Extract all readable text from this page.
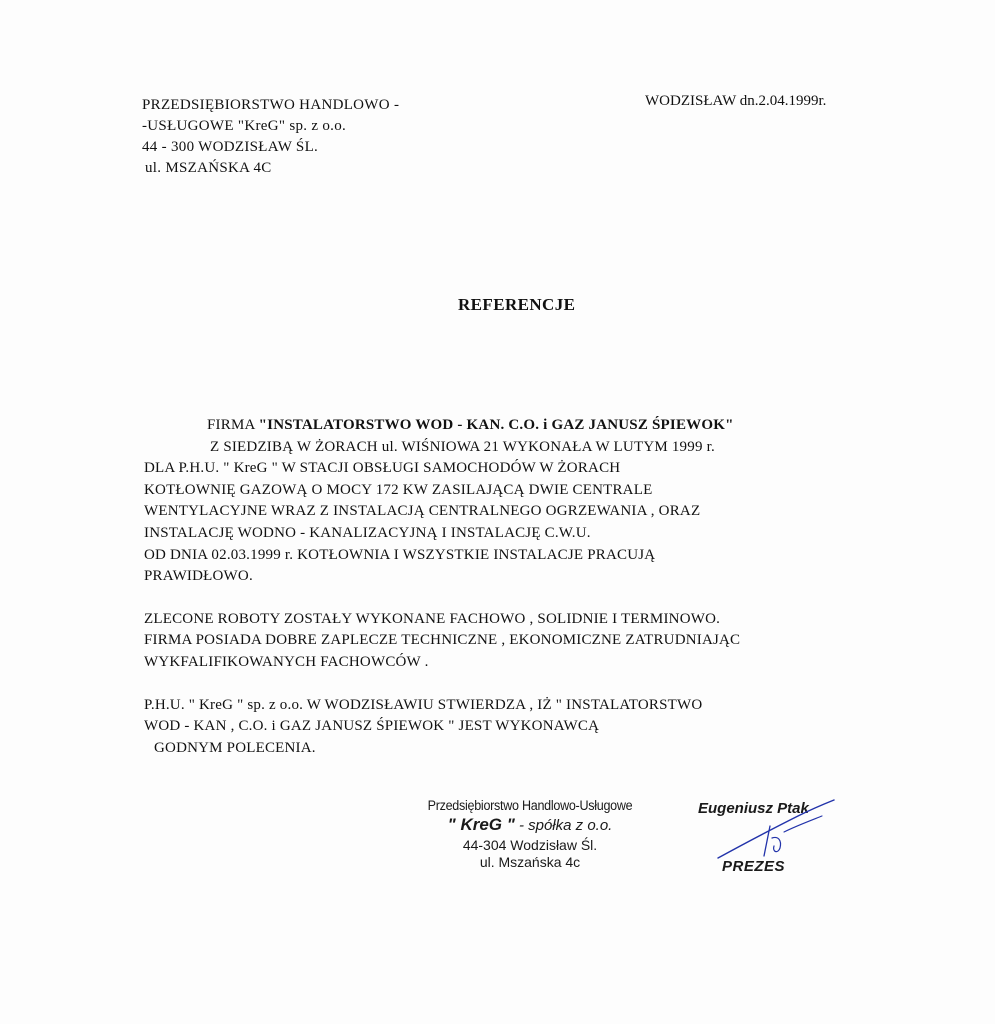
PRZEDSIĘBIORSTWO HANDLOWO -
-USŁUGOWE "KreG" sp. z o.o.
44 - 300 WODZISŁAW ŚL.
ul. MSZAŃSKA 4C
WODZISŁAW dn.2.04.1999r.
REFERENCJE
FIRMA "INSTALATORSTWO WOD - KAN. C.O. i GAZ JANUSZ ŚPIEWOK"
Z SIEDZIBĄ W ŻORACH ul. WIŚNIOWA 21 WYKONAŁA W LUTYM 1999 r.
DLA P.H.U. " KreG " W STACJI OBSŁUGI SAMOCHODÓW W ŻORACH
KOTŁOWNIĘ GAZOWĄ O MOCY 172 KW ZASILAJĄCĄ DWIE CENTRALE
WENTYLACYJNE WRAZ Z INSTALACJĄ CENTRALNEGO OGRZEWANIA , ORAZ
INSTALACJĘ WODNO - KANALIZACYJNĄ I INSTALACJĘ C.W.U.
OD DNIA 02.03.1999 r. KOTŁOWNIA I WSZYSTKIE INSTALACJE PRACUJĄ
PRAWIDŁOWO.
ZLECONE ROBOTY ZOSTAŁY WYKONANE FACHOWO , SOLIDNIE I TERMINOWO.
FIRMA POSIADA DOBRE ZAPLECZE TECHNICZNE , EKONOMICZNE ZATRUDNIAJĄC
WYKFALIFIKOWANYCH FACHOWCÓW .
P.H.U. " KreG " sp. z o.o. W WODZISŁAWIU STWIERDZA , IŻ " INSTALATORSTWO
WOD - KAN , C.O. i GAZ JANUSZ ŚPIEWOK " JEST WYKONAWCĄ
GODNYM POLECENIA.
Przedsiębiorstwo Handlowo-Usługowe
" KreG " - spółka z o.o.
44-304 Wodzisław Śl.
ul. Mszańska 4c
Eugeniusz Ptak
PREZES
